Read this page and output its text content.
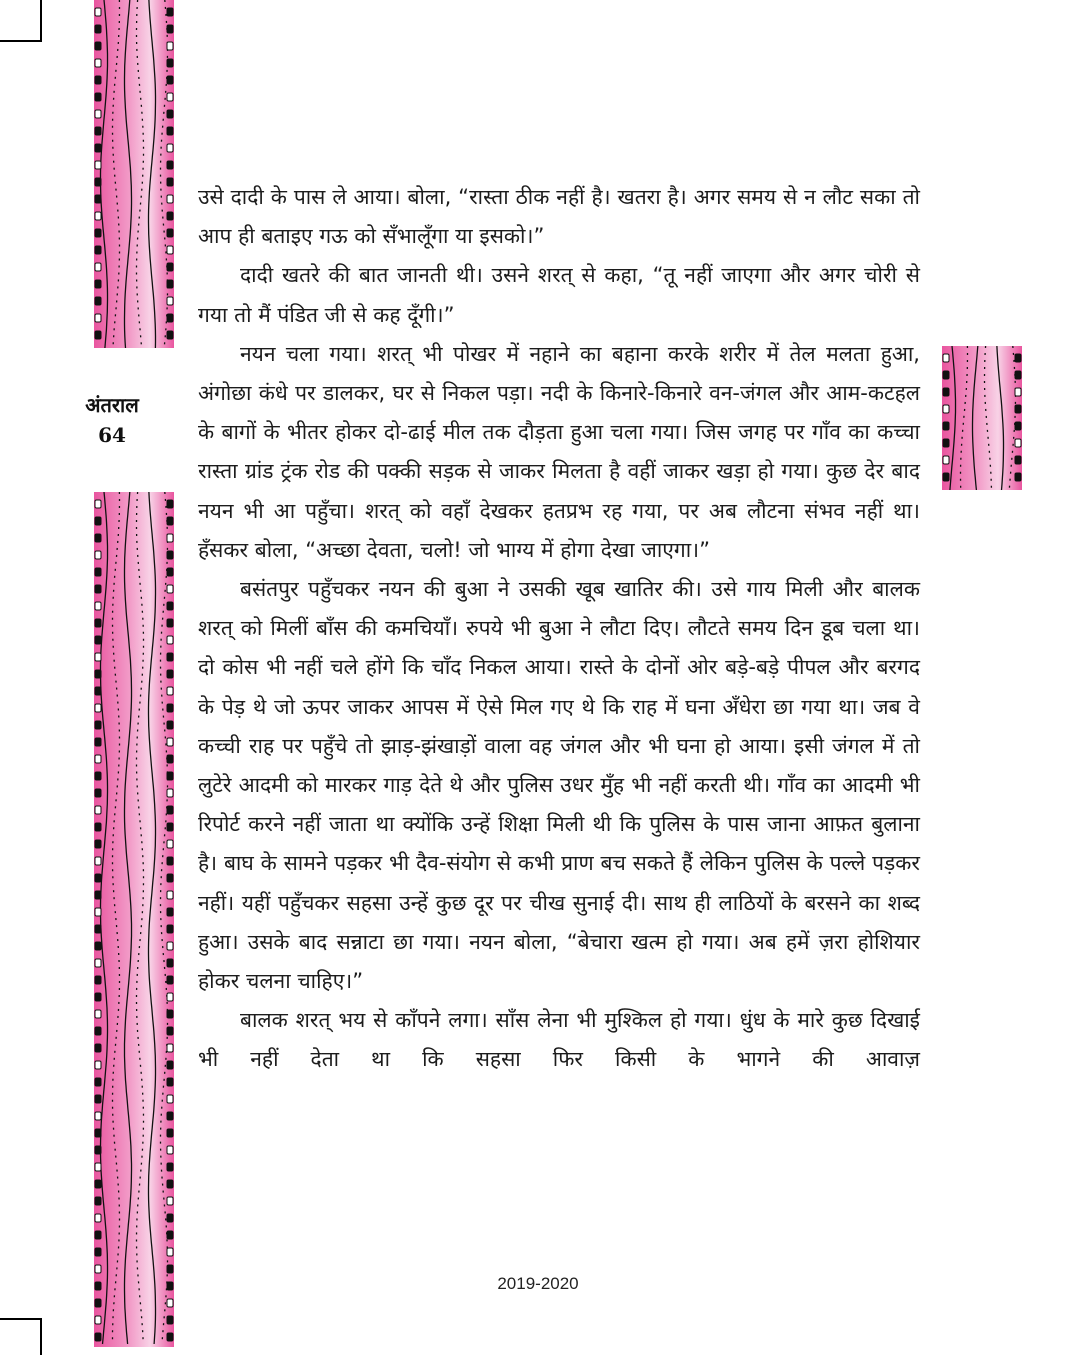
अंतराल
64

उसे दादी के पास ले आया। बोला, “रास्ता ठीक नहीं है। खतरा है। अगर समय से न लौट सका तो आप ही बताइए गऊ को सँभालूँगा या इसको।”

दादी खतरे की बात जानती थी। उसने शरत् से कहा, “तू नहीं जाएगा और अगर चोरी से गया तो मैं पंडित जी से कह दूँगी।”

नयन चला गया। शरत् भी पोखर में नहाने का बहाना करके शरीर में तेल मलता हुआ, अंगोछा कंधे पर डालकर, घर से निकल पड़ा। नदी के किनारे-किनारे वन-जंगल और आम-कटहल के बागों के भीतर होकर दो-ढाई मील तक दौड़ता हुआ चला गया। जिस जगह पर गाँव का कच्चा रास्ता ग्रांड ट्रंक रोड की पक्की सड़क से जाकर मिलता है वहीं जाकर खड़ा हो गया। कुछ देर बाद नयन भी आ पहुँचा। शरत् को वहाँ देखकर हतप्रभ रह गया, पर अब लौटना संभव नहीं था। हँसकर बोला, “अच्छा देवता, चलो! जो भाग्य में होगा देखा जाएगा।”

बसंतपुर पहुँचकर नयन की बुआ ने उसकी खूब खातिर की। उसे गाय मिली और बालक शरत् को मिलीं बाँस की कमचियाँ। रुपये भी बुआ ने लौटा दिए। लौटते समय दिन डूब चला था। दो कोस भी नहीं चले होंगे कि चाँद निकल आया। रास्ते के दोनों ओर बड़े-बड़े पीपल और बरगद के पेड़ थे जो ऊपर जाकर आपस में ऐसे मिल गए थे कि राह में घना अँधेरा छा गया था। जब वे कच्ची राह पर पहुँचे तो झाड़-झंखाड़ों वाला वह जंगल और भी घना हो आया। इसी जंगल में तो लुटेरे आदमी को मारकर गाड़ देते थे और पुलिस उधर मुँह भी नहीं करती थी। गाँव का आदमी भी रिपोर्ट करने नहीं जाता था क्योंकि उन्हें शिक्षा मिली थी कि पुलिस के पास जाना आफ़त बुलाना है। बाघ के सामने पड़कर भी दैव-संयोग से कभी प्राण बच सकते हैं लेकिन पुलिस के पल्ले पड़कर नहीं। यहीं पहुँचकर सहसा उन्हें कुछ दूर पर चीख सुनाई दी। साथ ही लाठियों के बरसने का शब्द हुआ। उसके बाद सन्नाटा छा गया। नयन बोला, “बेचारा खत्म हो गया। अब हमें ज़रा होशियार होकर चलना चाहिए।”

बालक शरत् भय से काँपने लगा। साँस लेना भी मुश्किल हो गया। धुंध के मारे कुछ दिखाई भी नहीं देता था कि सहसा फिर किसी के भागने की आवाज़

2019-2020
